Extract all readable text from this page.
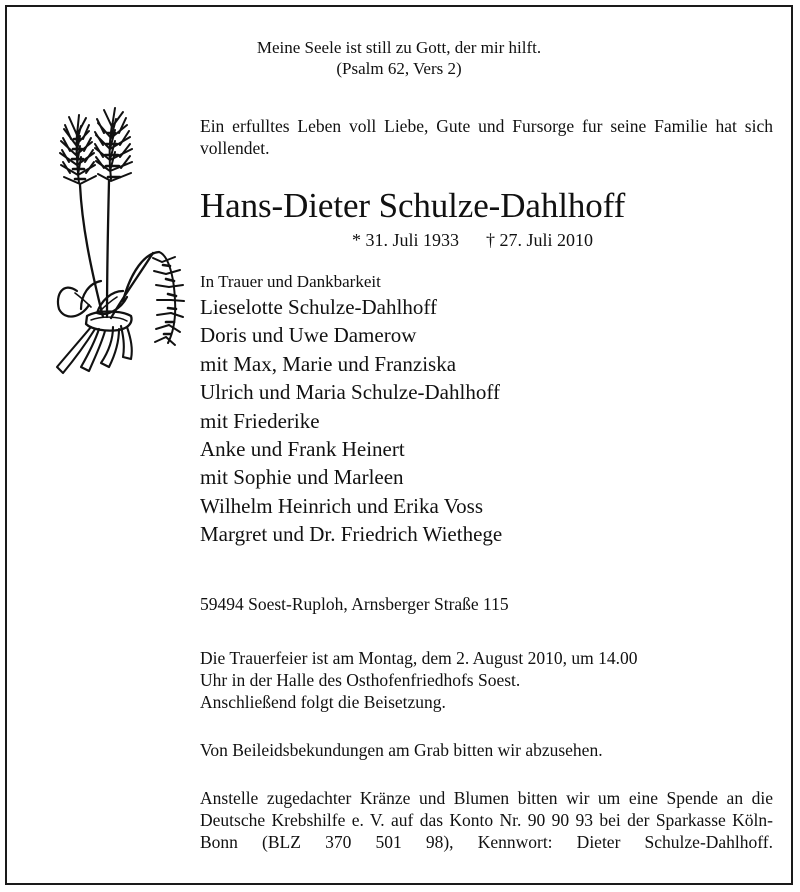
Meine Seele ist still zu Gott, der mir hilft.
(Psalm 62, Vers 2)

Ein erfulltes Leben voll Liebe, Gute und Fursorge fur seine Familie hat sich vollendet.

Hans-Dieter Schulze-Dahlhoff
* 31. Juli 1933      † 27. Juli 2010
In Trauer und Dankbarkeit
Lieselotte Schulze-Dahlhoff
Doris und Uwe Damerow
mit Max, Marie und Franziska
Ulrich und Maria Schulze-Dahlhoff
mit Friederike
Anke und Frank Heinert
mit Sophie und Marleen
Wilhelm Heinrich und Erika Voss
Margret und Dr. Friedrich Wiethege
59494 Soest-Ruploh, Arnsberger Straße 115
Die Trauerfeier ist am Montag, dem 2. August 2010, um 14.00
Uhr in der Halle des Osthofenfriedhofs Soest.
Anschließend folgt die Beisetzung.
Von Beileidsbekundungen am Grab bitten wir abzusehen.

Anstelle zugedachter Kränze und Blumen bitten wir um eine Spende an die Deutsche Krebshilfe e. V. auf das Konto Nr. 90 90 93 bei der Sparkasse Köln-Bonn (BLZ 370 501 98), Kennwort: Dieter Schulze-Dahlhoff.
